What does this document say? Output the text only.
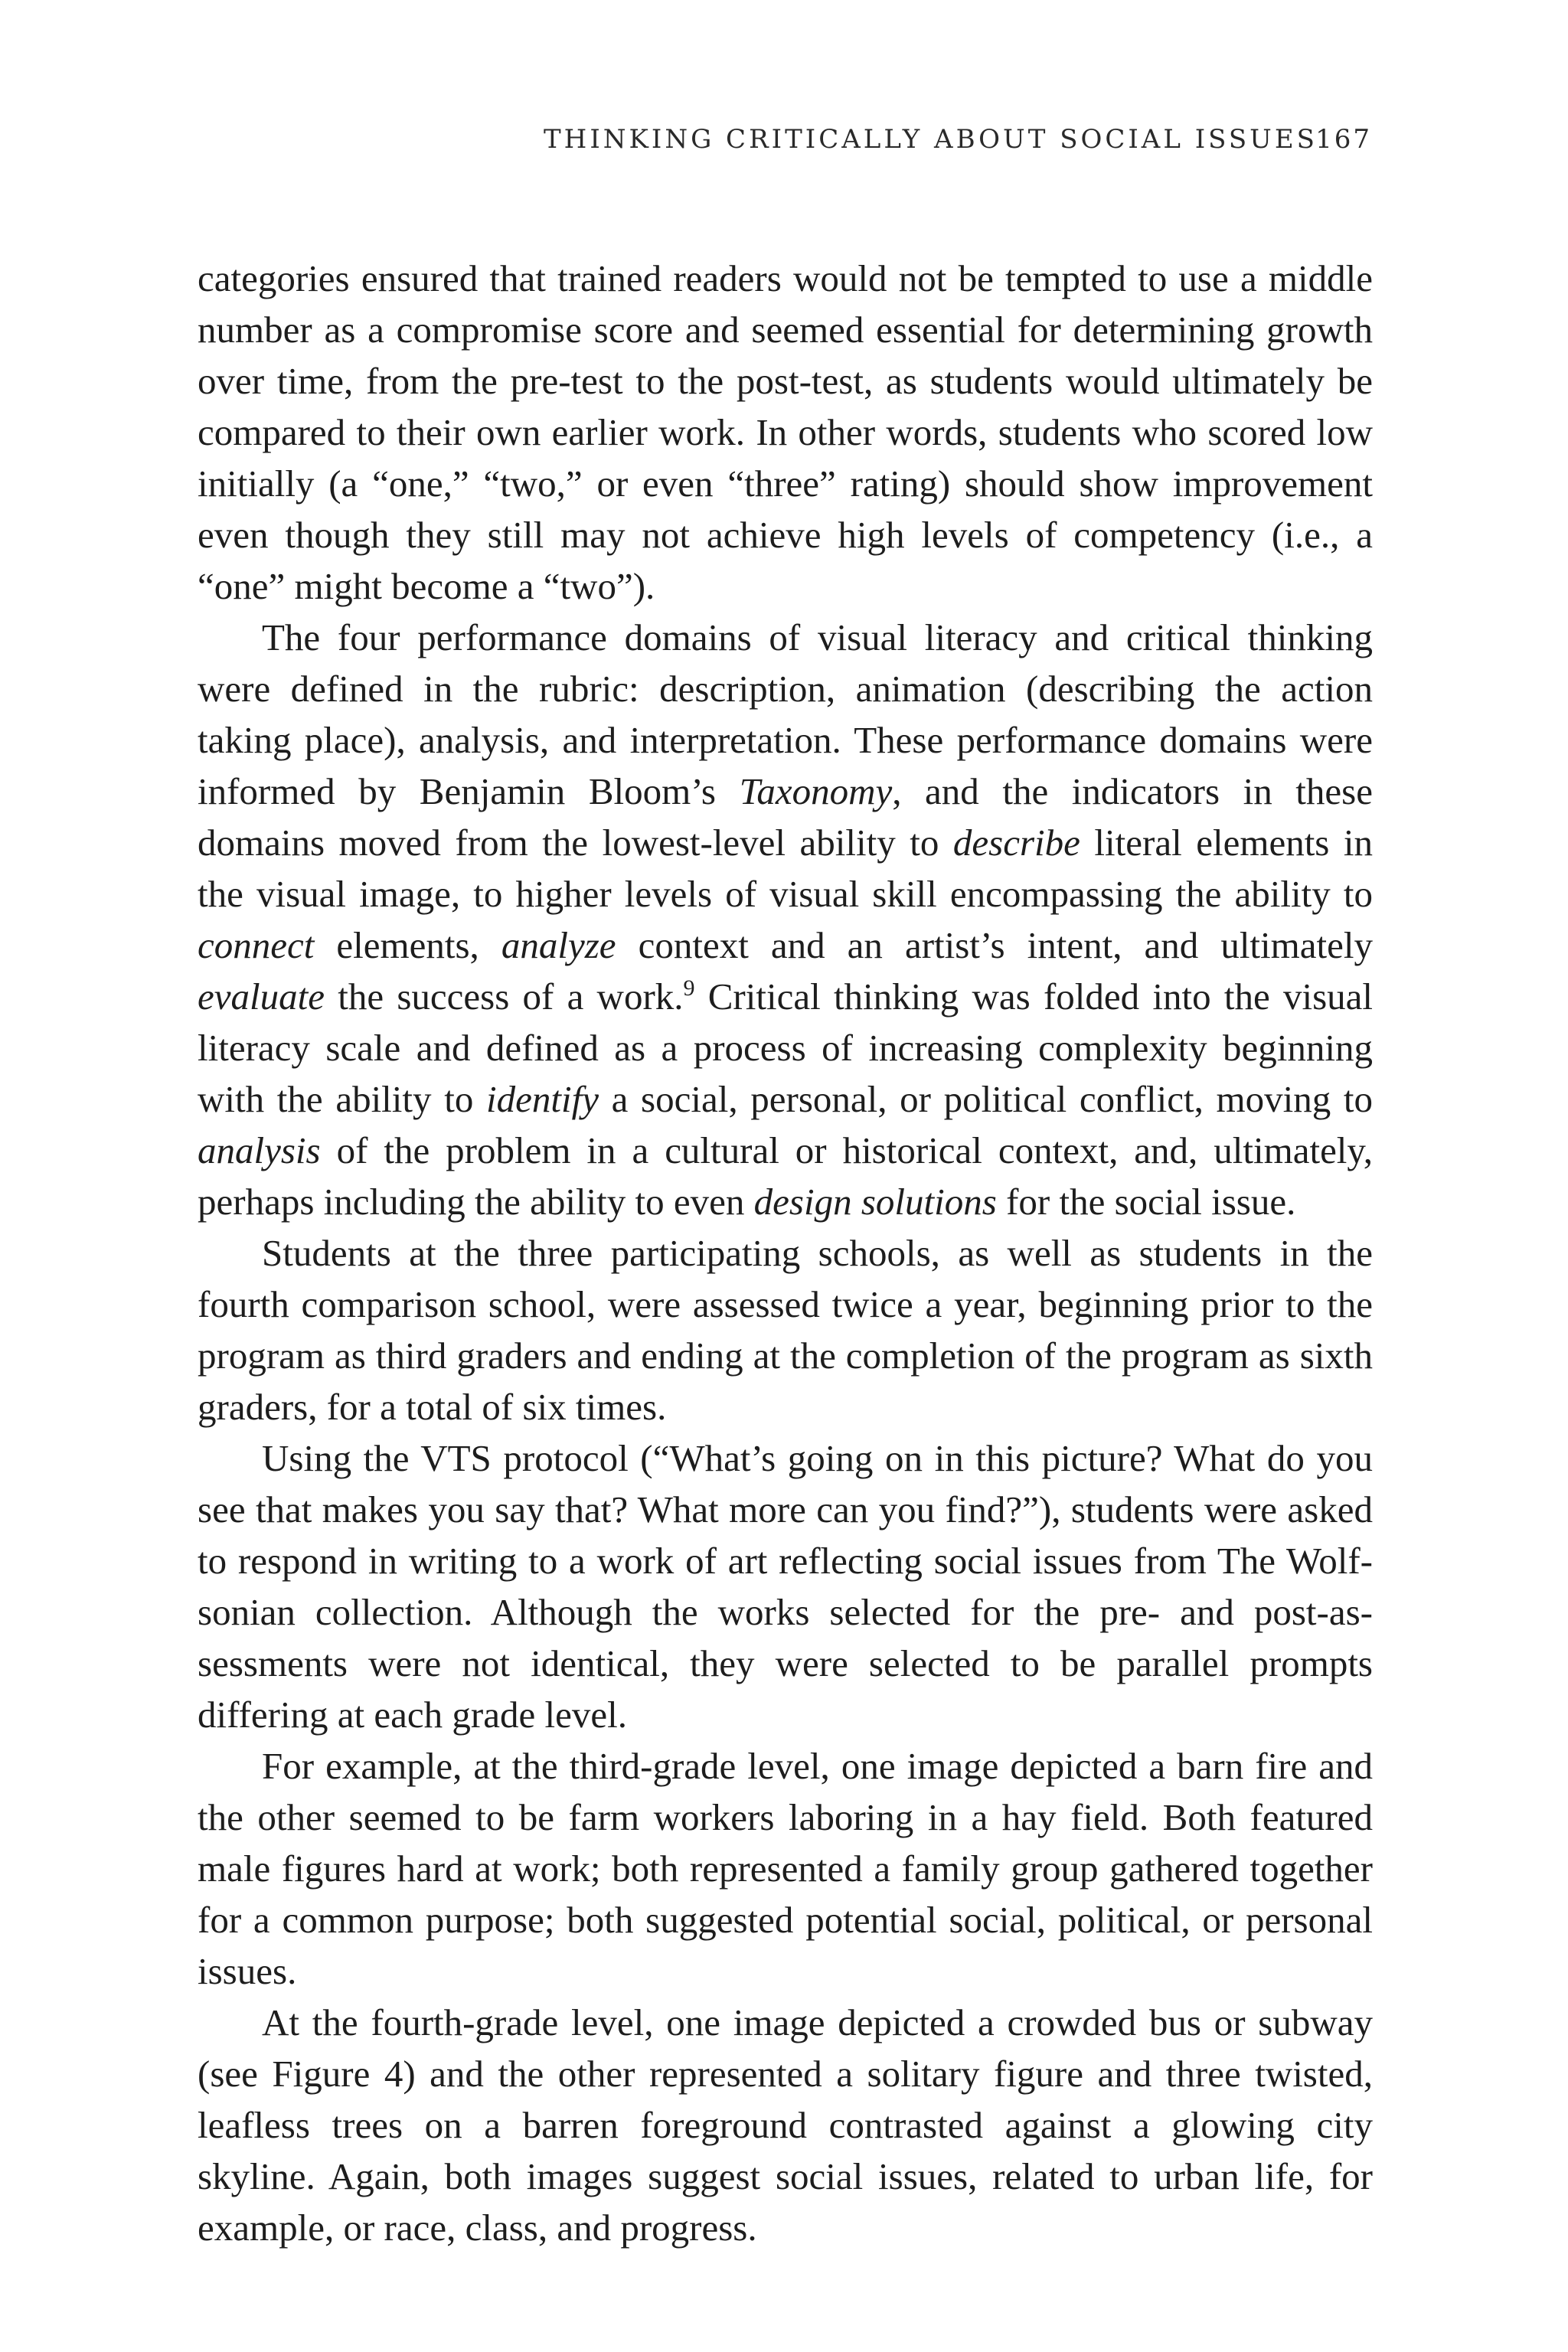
THINKING CRITICALLY ABOUT SOCIAL ISSUES
167

categories ensured that trained readers would not be tempted to use a middle number as a compromise score and seemed essential for determining growth over time, from the pre-test to the post-test, as students would ultimately be compared to their own earlier work. In other words, students who scored low initially (a “one,” “two,” or even “three” rating) should show improvement even though they still may not achieve high levels of competency (i.e., a “one” might become a “two”).

The four performance domains of visual literacy and critical thinking were defined in the rubric: description, animation (describing the action taking place), analysis, and interpretation. These performance domains were informed by Benjamin Bloom’s Taxonomy, and the indicators in these domains moved from the lowest-level ability to describe literal elements in the visual image, to higher levels of visual skill encompassing the ability to connect elements, analyze context and an artist’s intent, and ultimately evaluate the success of a work.$^9$ Critical thinking was folded into the visual literacy scale and defined as a process of increasing complexity beginning with the ability to identify a social, personal, or political conflict, moving to analysis of the problem in a cultural or historical context, and, ultimately, perhaps including the ability to even design solutions for the social issue.

Students at the three participating schools, as well as students in the fourth comparison school, were assessed twice a year, beginning prior to the program as third graders and ending at the completion of the program as sixth graders, for a total of six times.

Using the VTS protocol (“What’s going on in this picture? What do you see that makes you say that? What more can you find?”), students were asked to respond in writing to a work of art reflecting social issues from The Wolfsonian collection. Although the works selected for the pre- and post-assessments were not identical, they were selected to be parallel prompts differing at each grade level.

For example, at the third-grade level, one image depicted a barn fire and the other seemed to be farm workers laboring in a hay field. Both featured male figures hard at work; both represented a family group gathered together for a common purpose; both suggested potential social, political, or personal issues.

At the fourth-grade level, one image depicted a crowded bus or subway (see Figure 4) and the other represented a solitary figure and three twisted, leafless trees on a barren foreground contrasted against a glowing city skyline. Again, both images suggest social issues, related to urban life, for example, or race, class, and progress.
